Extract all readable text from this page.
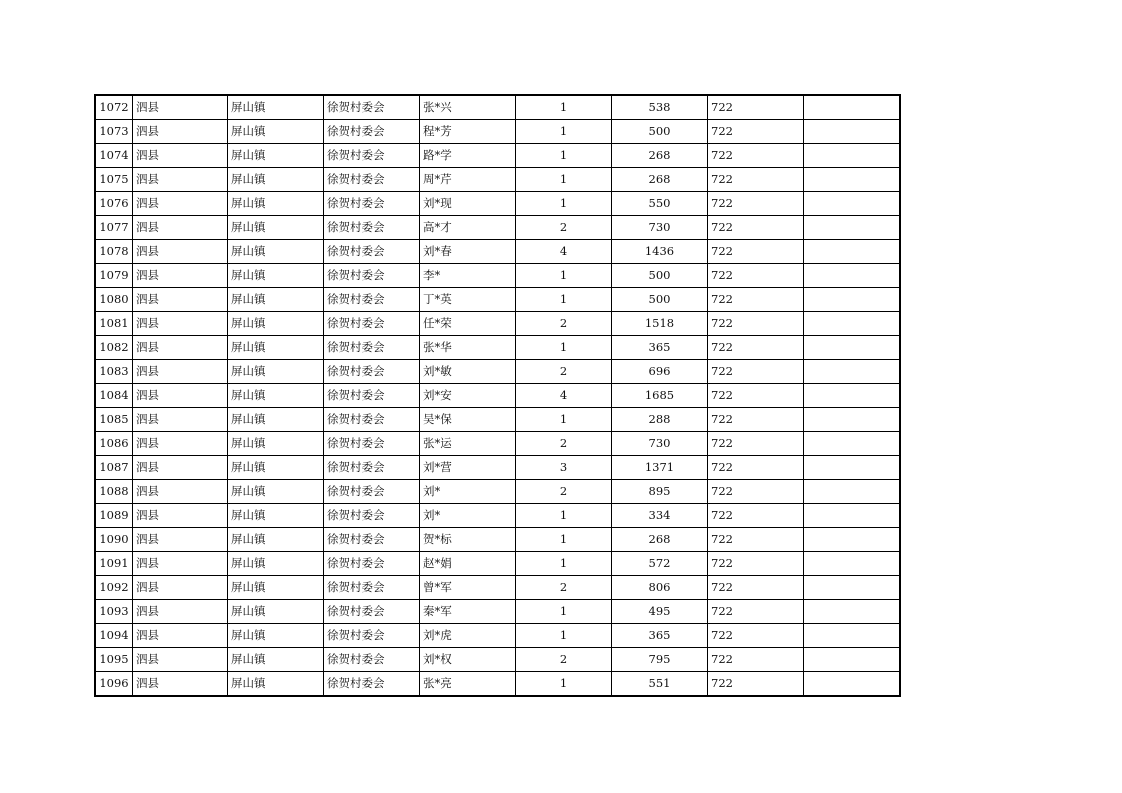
1072	泗县	屏山镇	徐贺村委会	张*兴	1	538	722	
1073	泗县	屏山镇	徐贺村委会	程*芳	1	500	722	
1074	泗县	屏山镇	徐贺村委会	路*学	1	268	722	
1075	泗县	屏山镇	徐贺村委会	周*芹	1	268	722	
1076	泗县	屏山镇	徐贺村委会	刘*现	1	550	722	
1077	泗县	屏山镇	徐贺村委会	高*才	2	730	722	
1078	泗县	屏山镇	徐贺村委会	刘*春	4	1436	722	
1079	泗县	屏山镇	徐贺村委会	李*	1	500	722	
1080	泗县	屏山镇	徐贺村委会	丁*英	1	500	722	
1081	泗县	屏山镇	徐贺村委会	任*荣	2	1518	722	
1082	泗县	屏山镇	徐贺村委会	张*华	1	365	722	
1083	泗县	屏山镇	徐贺村委会	刘*敏	2	696	722	
1084	泗县	屏山镇	徐贺村委会	刘*安	4	1685	722	
1085	泗县	屏山镇	徐贺村委会	吴*保	1	288	722	
1086	泗县	屏山镇	徐贺村委会	张*运	2	730	722	
1087	泗县	屏山镇	徐贺村委会	刘*营	3	1371	722	
1088	泗县	屏山镇	徐贺村委会	刘*	2	895	722	
1089	泗县	屏山镇	徐贺村委会	刘*	1	334	722	
1090	泗县	屏山镇	徐贺村委会	贺*标	1	268	722	
1091	泗县	屏山镇	徐贺村委会	赵*娟	1	572	722	
1092	泗县	屏山镇	徐贺村委会	曾*军	2	806	722	
1093	泗县	屏山镇	徐贺村委会	秦*军	1	495	722	
1094	泗县	屏山镇	徐贺村委会	刘*虎	1	365	722	
1095	泗县	屏山镇	徐贺村委会	刘*权	2	795	722	
1096	泗县	屏山镇	徐贺村委会	张*亮	1	551	722	
